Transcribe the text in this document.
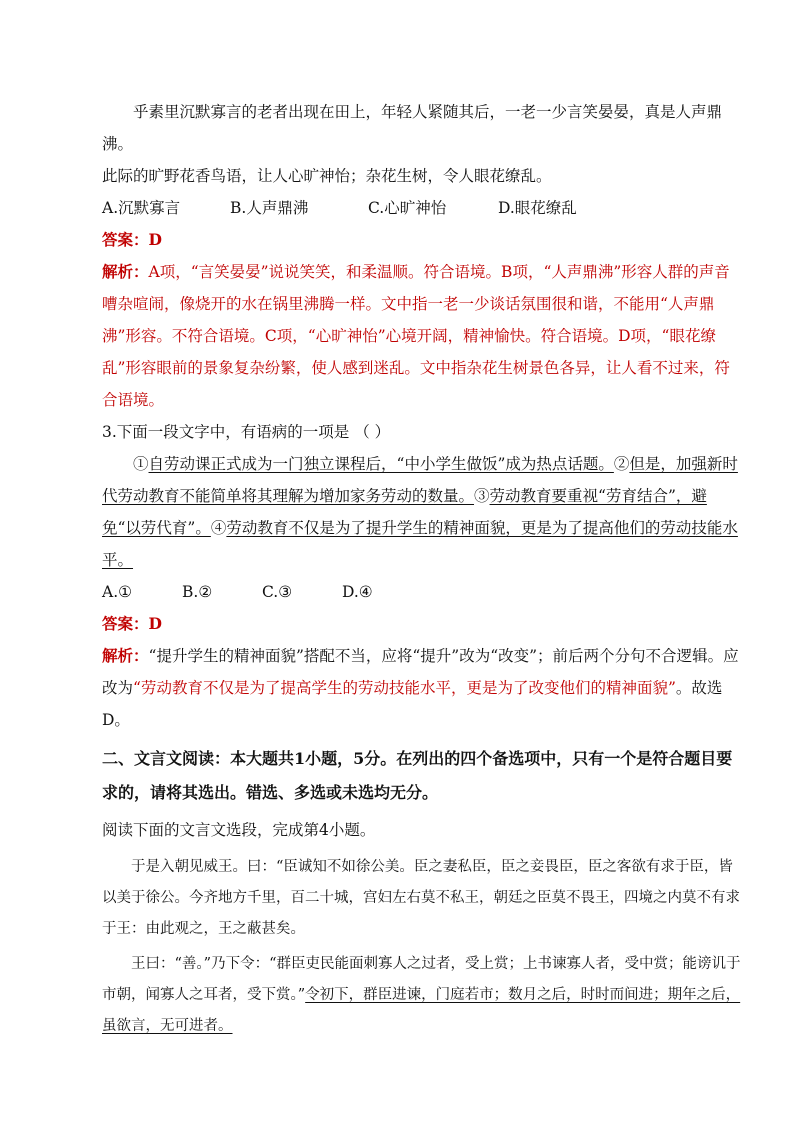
乎素里沉默寡言的老者出现在田上，年轻人紧随其后，一老一少言笑晏晏，真是人声鼎沸。

此际的旷野花香鸟语，让人心旷神怡；杂花生树，令人眼花缭乱。

A.沉默寡言	B.人声鼎沸	C.心旷神怡	D.眼花缭乱

答案：D

解析：A项，“言笑晏晏”说说笑笑，和柔温顺。符合语境。B项，“人声鼎沸”形容人群的声音嘈杂喧闹，像烧开的水在锅里沸腾一样。文中指一老一少谈话氛围很和谐，不能用“人声鼎沸”形容。不符合语境。C项，“心旷神怡”心境开阔，精神愉快。符合语境。D项，“眼花缭乱”形容眼前的景象复杂纷繁，使人感到迷乱。文中指杂花生树景色各异，让人看不过来，符合语境。

3.下面一段文字中，有语病的一项是 （ ）

①自劳动课正式成为一门独立课程后，“中小学生做饭”成为热点话题。②但是，加强新时代劳动教育不能简单将其理解为增加家务劳动的数量。③劳动教育要重视“劳育结合”，避免“以劳代育”。④劳动教育不仅是为了提升学生的精神面貌，更是为了提高他们的劳动技能水平。

A.①	B.②	C.③	D.④

答案：D

解析：“提升学生的精神面貌”搭配不当，应将“提升”改为“改变”；前后两个分句不合逻辑。应改为“劳动教育不仅是为了提高学生的劳动技能水平，更是为了改变他们的精神面貌”。故选 D。

二、文言文阅读：本大题共1小题，5分。在列出的四个备选项中，只有一个是符合题目要求的，请将其选出。错选、多选或未选均无分。

阅读下面的文言文选段，完成第4小题。

于是入朝见威王。曰：“臣诚知不如徐公美。臣之妻私臣，臣之妾畏臣，臣之客欲有求于臣，皆以美于徐公。今齐地方千里，百二十城，宫妇左右莫不私王，朝廷之臣莫不畏王，四境之内莫不有求于王：由此观之，王之蔽甚矣。

王曰：“善。”乃下令：“群臣吏民能面刺寡人之过者，受上赏；上书谏寡人者，受中赏；能谤讥于市朝，闻寡人之耳者，受下赏。”令初下，群臣进谏，门庭若市；数月之后，时时而间进；期年之后，虽欲言，无可进者。
